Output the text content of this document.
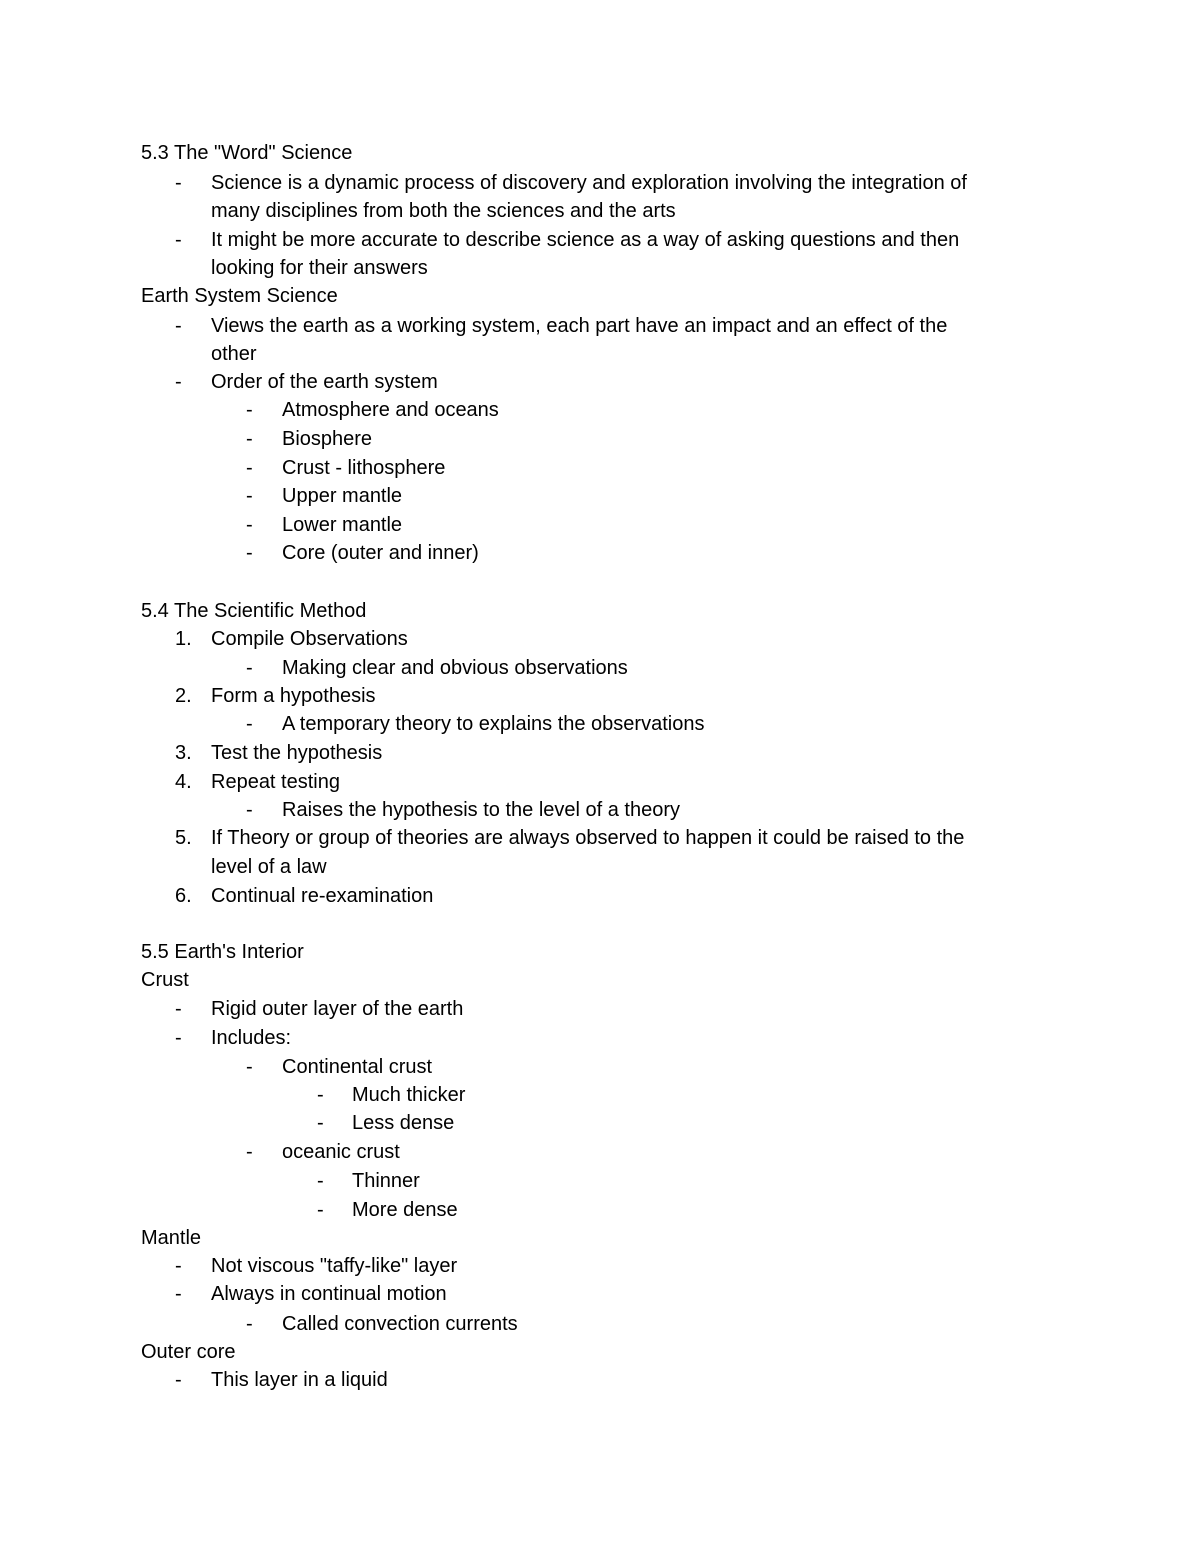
5.3 The "Word" Science
- Science is a dynamic process of discovery and exploration involving the integration of
many disciplines from both the sciences and the arts
- It might be more accurate to describe science as a way of asking questions and then
looking for their answers
Earth System Science
- Views the earth as a working system, each part have an impact and an effect of the
other
- Order of the earth system
- Atmosphere and oceans
- Biosphere
- Crust - lithosphere
- Upper mantle
- Lower mantle
- Core (outer and inner)
5.4 The Scientific Method
1. Compile Observations
- Making clear and obvious observations
2. Form a hypothesis
- A temporary theory to explains the observations
3. Test the hypothesis
4. Repeat testing
- Raises the hypothesis to the level of a theory
5. If Theory or group of theories are always observed to happen it could be raised to the
level of a law
6. Continual re-examination
5.5 Earth's Interior
Crust
- Rigid outer layer of the earth
- Includes:
- Continental crust
- Much thicker
- Less dense
- oceanic crust
- Thinner
- More dense
Mantle
- Not viscous "taffy-like" layer
- Always in continual motion
- Called convection currents
Outer core
- This layer in a liquid
